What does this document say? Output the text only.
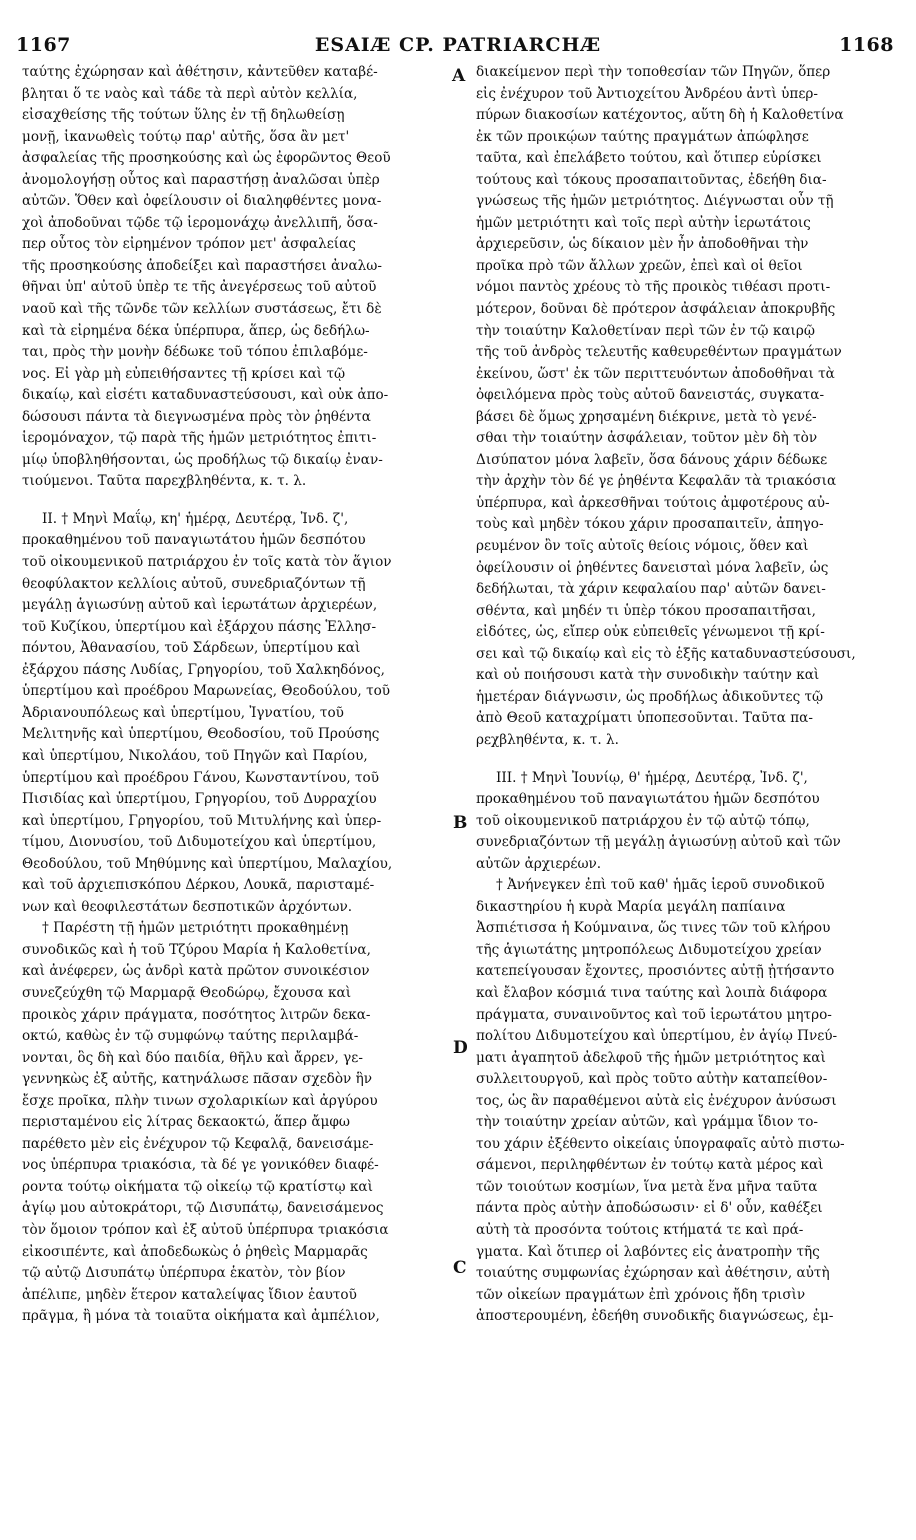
1167	ESAIÆ CP. PATRIARCHÆ	1168
A
B
C
D
ταύτης ἐχώρησαν καὶ ἀθέτησιν, κἀντεῦθεν καταβέ-
βληται ὅ τε ναὸς καὶ τάδε τὰ περὶ αὐτὸν κελλία,
εἰσαχθείσης τῆς τούτων ὕλης ἐν τῇ δηλωθείσῃ
μονῇ, ἱκανωθεὶς τούτῳ παρ' αὐτῆς, ὅσα ἂν μετ'
ἀσφαλείας τῆς προσηκούσης καὶ ὡς ἐφορῶντος Θεοῦ
ἀνομολογήσῃ οὗτος καὶ παραστήσῃ ἀναλῶσαι ὑπὲρ
αὐτῶν. Ὅθεν καὶ ὀφείλουσιν οἱ διαληφθέντες μονα-
χοὶ ἀποδοῦναι τῷδε τῷ ἱερομονάχῳ ἀνελλιπῆ, ὅσα-
περ οὗτος τὸν εἰρημένον τρόπον μετ' ἀσφαλείας
τῆς προσηκούσης ἀποδείξει καὶ παραστήσει ἀναλω-
θῆναι ὑπ' αὐτοῦ ὑπὲρ τε τῆς ἀνεγέρσεως τοῦ αὐτοῦ
ναοῦ καὶ τῆς τῶνδε τῶν κελλίων συστάσεως, ἔτι δὲ
καὶ τὰ εἰρημένα δέκα ὑπέρπυρα, ἅπερ, ὡς δεδήλω-
ται, πρὸς τὴν μονὴν δέδωκε τοῦ τόπου ἐπιλαβόμε-
νος. Εἰ γὰρ μὴ εὐπειθήσαντες τῇ κρίσει καὶ τῷ
δικαίῳ, καὶ εἰσέτι καταδυναστεύσουσι, καὶ οὐκ ἀπο-
δώσουσι πάντα τὰ διεγνωσμένα πρὸς τὸν ῥηθέντα
ἱερομόναχον, τῷ παρὰ τῆς ἡμῶν μετριότητος ἐπιτι-
μίῳ ὑποβληθήσονται, ὡς προδήλως τῷ δικαίῳ ἐναν-
τιούμενοι. Ταῦτα παρεχβληθέντα, κ. τ. λ.
II. † Μηνὶ Μαΐῳ, κη' ἡμέρᾳ, Δευτέρᾳ, Ἰνδ. ζ',
προκαθημένου τοῦ παναγιωτάτου ἡμῶν δεσπότου
τοῦ οἰκουμενικοῦ πατριάρχου ἐν τοῖς κατὰ τὸν ἅγιον
θεοφύλακτον κελλίοις αὐτοῦ, συνεδριαζόντων τῇ
μεγάλῃ ἁγιωσύνῃ αὐτοῦ καὶ ἱερωτάτων ἀρχιερέων,
τοῦ Κυζίκου, ὑπερτίμου καὶ ἐξάρχου πάσης Ἑλλησ-
πόντου, Ἀθανασίου, τοῦ Σάρδεων, ὑπερτίμου καὶ
ἐξάρχου πάσης Λυδίας, Γρηγορίου, τοῦ Χαλκηδόνος,
ὑπερτίμου καὶ προέδρου Μαρωνείας, Θεοδούλου, τοῦ
Ἀδριανουπόλεως καὶ ὑπερτίμου, Ἰγνατίου, τοῦ
Μελιτηνῆς καὶ ὑπερτίμου, Θεοδοσίου, τοῦ Προύσης
καὶ ὑπερτίμου, Νικολάου, τοῦ Πηγῶν καὶ Παρίου,
ὑπερτίμου καὶ προέδρου Γάνου, Κωνσταντίνου, τοῦ
Πισιδίας καὶ ὑπερτίμου, Γρηγορίου, τοῦ Δυρραχίου
καὶ ὑπερτίμου, Γρηγορίου, τοῦ Μιτυλήνης καὶ ὑπερ-
τίμου, Διονυσίου, τοῦ Διδυμοτείχου καὶ ὑπερτίμου,
Θεοδούλου, τοῦ Μηθύμνης καὶ ὑπερτίμου, Μαλαχίου,
καὶ τοῦ ἀρχιεπισκόπου Δέρκου, Λουκᾶ, παρισταμέ-
νων καὶ θεοφιλεστάτων δεσποτικῶν ἀρχόντων.
† Παρέστη τῇ ἡμῶν μετριότητι προκαθημένῃ
συνοδικῶς καὶ ἡ τοῦ Τζύρου Μαρία ἡ Καλοθετίνα,
καὶ ἀνέφερεν, ὡς ἀνδρὶ κατὰ πρῶτον συνοικέσιον
συνεζεύχθη τῷ Μαρμαρᾷ Θεοδώρῳ, ἔχουσα καὶ
προικὸς χάριν πράγματα, ποσότητος λιτρῶν δεκα-
οκτώ, καθὼς ἐν τῷ συμφώνῳ ταύτης περιλαμβά-
νονται, ὃς δὴ καὶ δύο παιδία, θῆλυ καὶ ἄρρεν, γε-
γεννηκὼς ἐξ αὐτῆς, κατηνάλωσε πᾶσαν σχεδὸν ἣν
ἔσχε προῖκα, πλὴν τινων σχολαρικίων καὶ ἀργύρου
περισταμένου εἰς λίτρας δεκαοκτώ, ἅπερ ἄμφω
παρέθετο μὲν εἰς ἐνέχυρον τῷ Κεφαλᾷ, δανεισάμε-
νος ὑπέρπυρα τριακόσια, τὰ δέ γε γονικόθεν διαφέ-
ροντα τούτῳ οἰκήματα τῷ οἰκείῳ τῷ κρατίστῳ καὶ
ἁγίῳ μου αὐτοκράτορι, τῷ Δισυπάτῳ, δανεισάμενος
τὸν ὅμοιον τρόπον καὶ ἐξ αὐτοῦ ὑπέρπυρα τριακόσια
εἰκοσιπέντε, καὶ ἀποδεδωκὼς ὁ ῥηθεὶς Μαρμαρᾶς
τῷ αὐτῷ Δισυπάτῳ ὑπέρπυρα ἑκατὸν, τὸν βίον
ἀπέλιπε, μηδὲν ἕτερον καταλείψας ἴδιον ἑαυτοῦ
πρᾶγμα, ἢ μόνα τὰ τοιαῦτα οἰκήματα καὶ ἀμπέλιον,
διακείμενον περὶ τὴν τοποθεσίαν τῶν Πηγῶν, ὅπερ
εἰς ἐνέχυρον τοῦ Ἀντιοχείτου Ἀνδρέου ἀντὶ ὑπερ-
πύρων διακοσίων κατέχοντος, αὕτη δὴ ἡ Καλοθετίνα
ἐκ τῶν προικῴων ταύτης πραγμάτων ἀπώφλησε
ταῦτα, καὶ ἐπελάβετο τούτου, καὶ ὅτιπερ εὑρίσκει
τούτους καὶ τόκους προσαπαιτοῦντας, ἐδεήθη δια-
γνώσεως τῆς ἡμῶν μετριότητος. Διέγνωσται οὖν τῇ
ἡμῶν μετριότητι καὶ τοῖς περὶ αὐτὴν ἱερωτάτοις
ἀρχιερεῦσιν, ὡς δίκαιον μὲν ἦν ἀποδοθῆναι τὴν
προῖκα πρὸ τῶν ἄλλων χρεῶν, ἐπεὶ καὶ οἱ θεῖοι
νόμοι παντὸς χρέους τὸ τῆς προικὸς τιθέασι προτι-
μότερον, δοῦναι δὲ πρότερον ἀσφάλειαν ἀποκρυβῆς
τὴν τοιαύτην Καλοθετίναν περὶ τῶν ἐν τῷ καιρῷ
τῆς τοῦ ἀνδρὸς τελευτῆς καθευρεθέντων πραγμάτων
ἐκείνου, ὥστ' ἐκ τῶν περιττευόντων ἀποδοθῆναι τὰ
ὀφειλόμενα πρὸς τοὺς αὐτοῦ δανειστάς, συγκατα-
βάσει δὲ ὅμως χρησαμένη διέκρινε, μετὰ τὸ γενέ-
σθαι τὴν τοιαύτην ἀσφάλειαν, τοῦτον μὲν δὴ τὸν
Δισύπατον μόνα λαβεῖν, ὅσα δάνους χάριν δέδωκε
τὴν ἀρχὴν τὸν δέ γε ῥηθέντα Κεφαλᾶν τὰ τριακόσια
ὑπέρπυρα, καὶ ἀρκεσθῆναι τούτοις ἀμφοτέρους αὐ-
τοὺς καὶ μηδὲν τόκου χάριν προσαπαιτεῖν, ἀπηγο-
ρευμένον ὂν τοῖς αὐτοῖς θείοις νόμοις, ὅθεν καὶ
ὀφείλουσιν οἱ ῥηθέντες δανεισταὶ μόνα λαβεῖν, ὡς
δεδήλωται, τὰ χάριν κεφαλαίου παρ' αὐτῶν δανει-
σθέντα, καὶ μηδέν τι ὑπὲρ τόκου προσαπαιτῆσαι,
εἰδότες, ὡς, εἴπερ οὐκ εὐπειθεῖς γένωμενοι τῇ κρί-
σει καὶ τῷ δικαίῳ καὶ εἰς τὸ ἑξῆς καταδυναστεύσουσι,
καὶ οὐ ποιήσουσι κατὰ τὴν συνοδικὴν ταύτην καὶ
ἡμετέραν διάγνωσιν, ὡς προδήλως ἀδικοῦντες τῷ
ἀπὸ Θεοῦ καταχρίματι ὑποπεσοῦνται. Ταῦτα πα-
ρεχβληθέντα, κ. τ. λ.
III. † Μηνὶ Ἰουνίῳ, θ' ἡμέρᾳ, Δευτέρᾳ, Ἰνδ. ζ',
προκαθημένου τοῦ παναγιωτάτου ἡμῶν δεσπότου
τοῦ οἰκουμενικοῦ πατριάρχου ἐν τῷ αὐτῷ τόπῳ,
συνεδριαζόντων τῇ μεγάλῃ ἁγιωσύνῃ αὐτοῦ καὶ τῶν
αὐτῶν ἀρχιερέων.
† Ἀνήνεγκεν ἐπὶ τοῦ καθ' ἡμᾶς ἱεροῦ συνοδικοῦ
δικαστηρίου ἡ κυρὰ Μαρία μεγάλη παπίαινα
Ἀσπιέτισσα ἡ Κούμναινα, ὥς τινες τῶν τοῦ κλήρου
τῆς ἁγιωτάτης μητροπόλεως Διδυμοτείχου χρείαν
κατεπείγουσαν ἔχοντες, προσιόντες αὐτῇ ᾐτήσαντο
καὶ ἔλαβον κόσμιά τινα ταύτης καὶ λοιπὰ διάφορα
πράγματα, συναινοῦντος καὶ τοῦ ἱερωτάτου μητρο-
πολίτου Διδυμοτείχου καὶ ὑπερτίμου, ἐν ἁγίῳ Πνεύ-
ματι ἀγαπητοῦ ἀδελφοῦ τῆς ἡμῶν μετριότητος καὶ
συλλειτουργοῦ, καὶ πρὸς τοῦτο αὐτὴν καταπείθον-
τος, ὡς ἂν παραθέμενοι αὐτὰ εἰς ἐνέχυρον ἀνύσωσι
τὴν τοιαύτην χρείαν αὐτῶν, καὶ γράμμα ἴδιον το-
του χάριν ἐξέθεντο οἰκείαις ὑπογραφαῖς αὐτὸ πιστω-
σάμενοι, περιληφθέντων ἐν τούτῳ κατὰ μέρος καὶ
τῶν τοιούτων κοσμίων, ἵνα μετὰ ἕνα μῆνα ταῦτα
πάντα πρὸς αὐτὴν ἀποδώσωσιν· εἰ δ' οὖν, καθέξει
αὐτὴ τὰ προσόντα τούτοις κτήματά τε καὶ πρά-
γματα. Καὶ ὅτιπερ οἱ λαβόντες εἰς ἀνατροπὴν τῆς
τοιαύτης συμφωνίας ἐχώρησαν καὶ ἀθέτησιν, αὐτὴ
τῶν οἰκείων πραγμάτων ἐπὶ χρόνοις ἤδη τρισὶν
ἀποστερουμένη, ἐδεήθη συνοδικῆς διαγνώσεως, ἐμ-
